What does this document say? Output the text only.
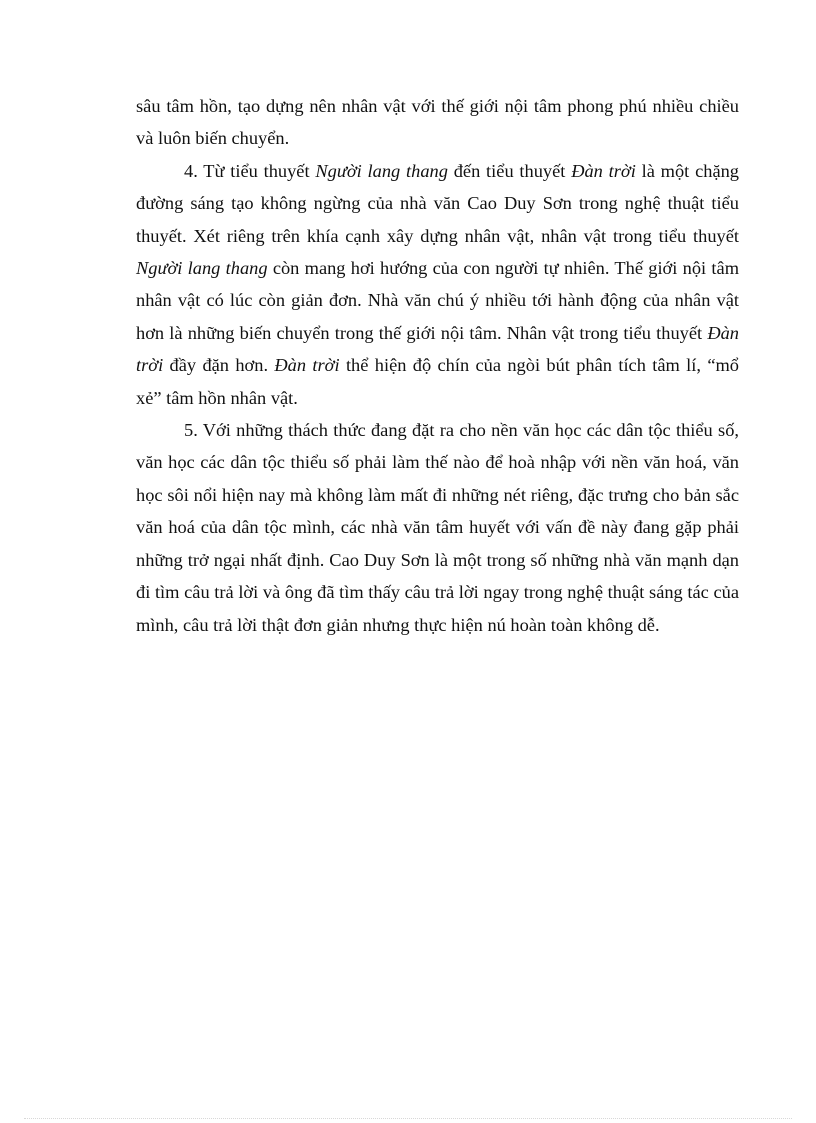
sâu tâm hồn, tạo dựng nên nhân vật với thế giới nội tâm phong phú nhiều chiều và luôn biến chuyển.

4. Từ tiểu thuyết Người lang thang đến tiểu thuyết Đàn trời là một chặng đường sáng tạo không ngừng của nhà văn Cao Duy Sơn trong nghệ thuật tiểu thuyết. Xét riêng trên khía cạnh xây dựng nhân vật, nhân vật trong tiểu thuyết Người lang thang còn mang hơi hướng của con người tự nhiên. Thế giới nội tâm nhân vật có lúc còn giản đơn. Nhà văn chú ý nhiều tới hành động của nhân vật hơn là những biến chuyển trong thế giới nội tâm. Nhân vật trong tiểu thuyết Đàn trời đầy đặn hơn. Đàn trời thể hiện độ chín của ngòi bút phân tích tâm lí, “mổ xẻ” tâm hồn nhân vật.

5. Với những thách thức đang đặt ra cho nền văn học các dân tộc thiểu số, văn học các dân tộc thiểu số phải làm thế nào để hoà nhập với nền văn hoá, văn học sôi nổi hiện nay mà không làm mất đi những nét riêng, đặc trưng cho bản sắc văn hoá của dân tộc mình, các nhà văn tâm huyết với vấn đề này đang gặp phải những trở ngại nhất định. Cao Duy Sơn là một trong số những nhà văn mạnh dạn đi tìm câu trả lời và ông đã tìm thấy câu trả lời ngay trong nghệ thuật sáng tác của mình, câu trả lời thật đơn giản nhưng thực hiện nú hoàn toàn không dễ.
